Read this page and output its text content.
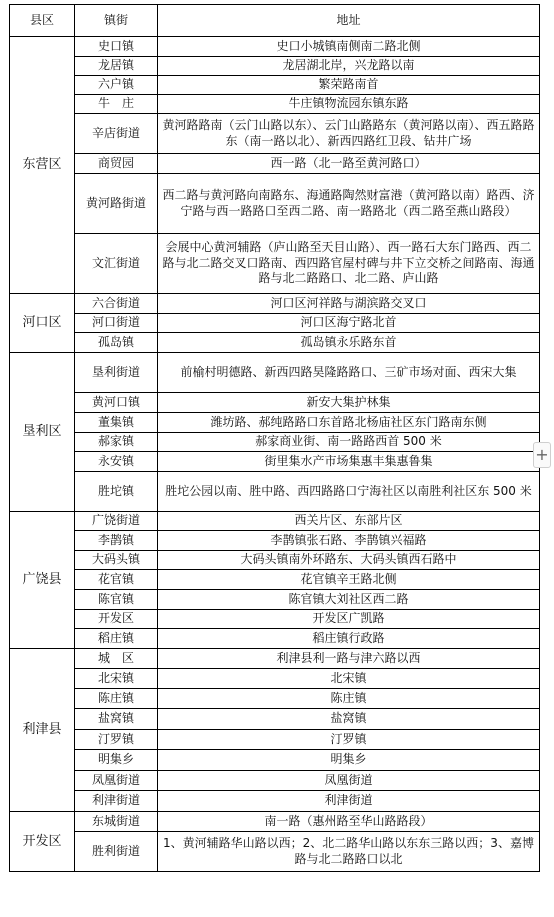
县区	镇街	地址
东营区	史口镇	史口小城镇南侧南二路北侧
	龙居镇	龙居湖北岸，兴龙路以南
	六户镇	繁荣路南首
	牛　庄	牛庄镇物流园东镇东路
	辛店街道	黄河路路南（云门山路以东）、云门山路路东（黄河路以南）、西五路路东（南一路以北）、新西四路红卫段、钻井广场
	商贸园	西一路（北一路至黄河路口）
	黄河路街道	西二路与黄河路向南路东、海通路陶然财富港（黄河路以南）路西、济宁路与西一路路口至西二路、南一路路北（西二路至燕山路段）
	文汇街道	会展中心黄河辅路（庐山路至天目山路）、西一路石大东门路西、西二路与北二路交叉口路南、西四路官屋村碑与井下立交桥之间路南、海通路与北二路路口、北二路、庐山路
河口区	六合街道	河口区河祥路与湖滨路交叉口
	河口街道	河口区海宁路北首
	孤岛镇	孤岛镇永乐路东首
垦利区	垦利街道	前榆村明德路、新西四路昊隆路路口、三矿市场对面、西宋大集
	黄河口镇	新安大集护林集
	董集镇	潍坊路、郝纯路路口东首路北杨庙社区东门路南东侧
	郝家镇	郝家商业街、南一路路西首 500 米
	永安镇	街里集水产市场集惠丰集惠鲁集
	胜坨镇	胜坨公园以南、胜中路、西四路路口宁海社区以南胜利社区东 500 米
广饶县	广饶街道	西关片区、东部片区
	李鹊镇	李鹊镇张石路、李鹊镇兴福路
	大码头镇	大码头镇南外环路东、大码头镇西石路中
	花官镇	花官镇辛王路北侧
	陈官镇	陈官镇大刘社区西二路
	开发区	开发区广凯路
	稻庄镇	稻庄镇行政路
利津县	城　区	利津县利一路与津六路以西
	北宋镇	北宋镇
	陈庄镇	陈庄镇
	盐窝镇	盐窝镇
	汀罗镇	汀罗镇
	明集乡	明集乡
	凤凰街道	凤凰街道
	利津街道	利津街道
开发区	东城街道	南一路（惠州路至华山路路段）
	胜利街道	1、黄河辅路华山路以西；2、北二路华山路以东东三路以西；3、嘉博路与北二路路口以北
+
